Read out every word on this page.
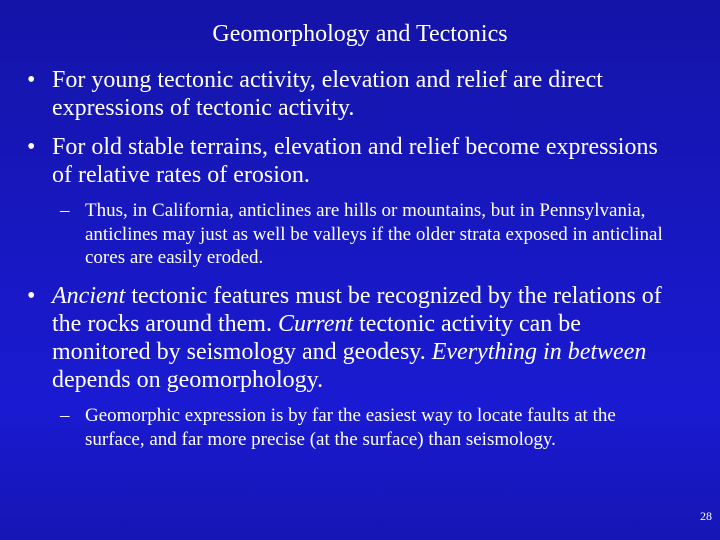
Geomorphology and Tectonics
• For young tectonic activity, elevation and relief are direct expressions of tectonic activity.
• For old stable terrains, elevation and relief become expressions of relative rates of erosion.
– Thus, in California, anticlines are hills or mountains, but in Pennsylvania, anticlines may just as well be valleys if the older strata exposed in anticlinal cores are easily eroded.
• Ancient tectonic features must be recognized by the relations of the rocks around them. Current tectonic activity can be monitored by seismology and geodesy. Everything in between depends on geomorphology.
– Geomorphic expression is by far the easiest way to locate faults at the surface, and far more precise (at the surface) than seismology.
28
